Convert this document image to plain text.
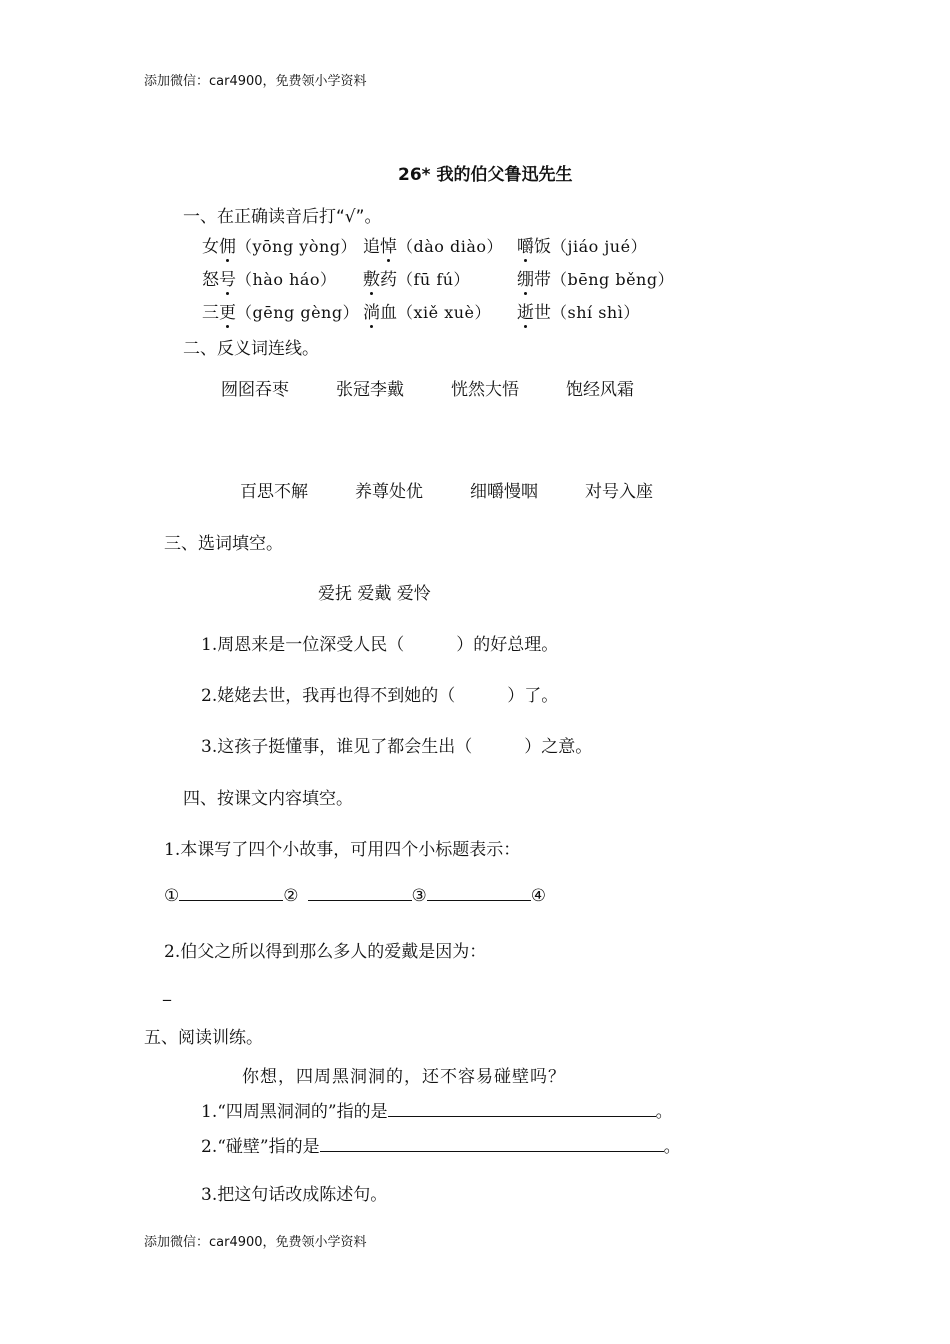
添加微信：car4900，免费领小学资料
26* 我的伯父鲁迅先生
一、在正确读音后打“√”。
女佣（yōng yòng） 追悼（dào diào） 嚼饭（jiáo jué）
怒号（hào háo） 敷药（fū fú）	绷带（bēng běng）
三更（gēng gèng） 淌血（xiě xuè） 逝世（shí shì）
二、反义词连线。
囫囵吞枣	张冠李戴	恍然大悟	饱经风霜
百思不解	养尊处优	细嚼慢咽	对号入座
三、选词填空。
爱抚 爱戴 爱怜
1.周恩来是一位深受人民（	）的好总理。
2.姥姥去世，我再也得不到她的（	）了。
3.这孩子挺懂事，谁见了都会生出（	）之意。
四、按课文内容填空。
1.本课写了四个小故事，可用四个小标题表示：
①	②	③	④
2.伯父之所以得到那么多人的爱戴是因为：
_
五、阅读训练。
你想，四周黑洞洞的，还不容易碰壁吗？
1.“四周黑洞洞的”指的是	。
2.“碰壁”指的是	。
3.把这句话改成陈述句。
添加微信：car4900，免费领小学资料
